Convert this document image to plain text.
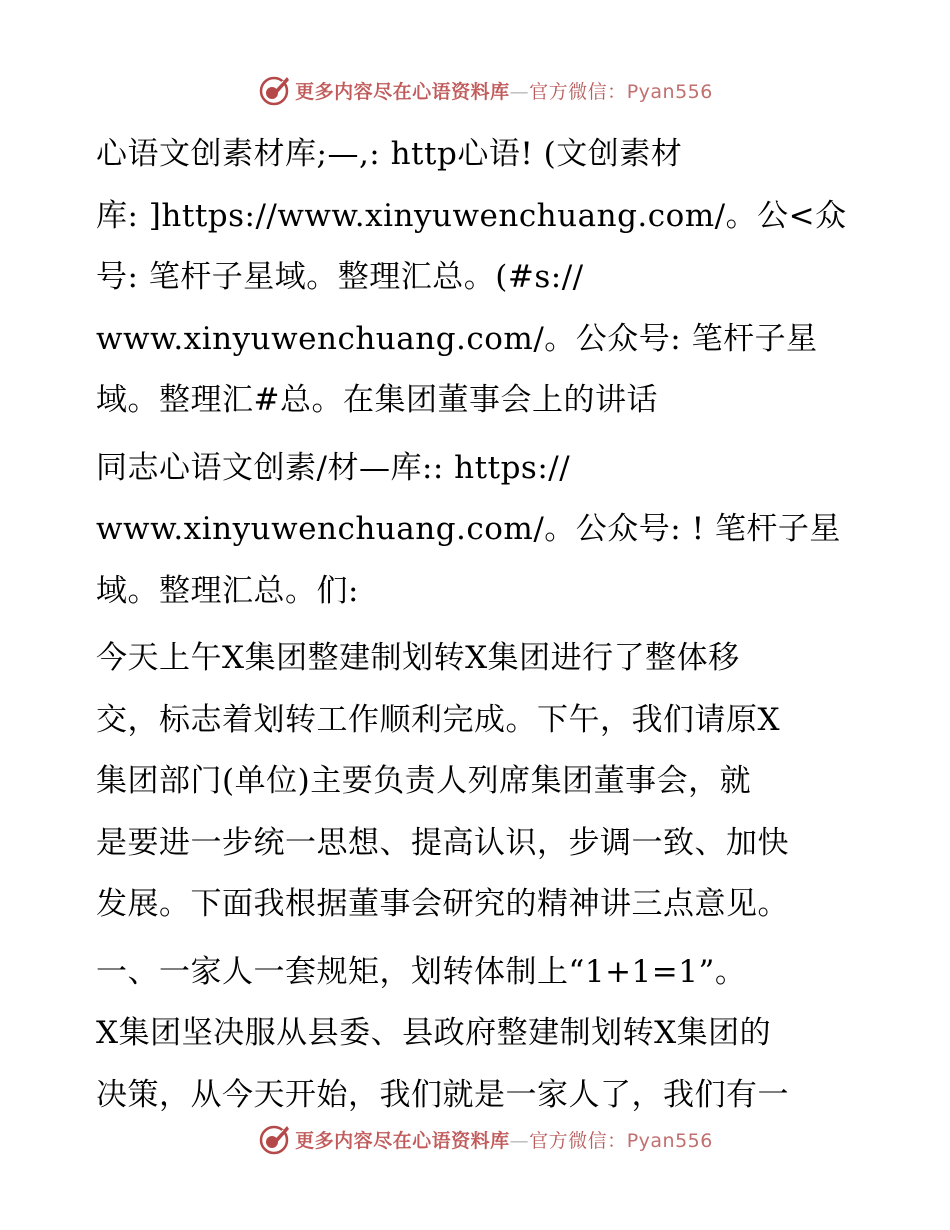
更多内容尽在心语资料库—官方微信：Pyan556
心语文创素材库;—,: http心语! (文创素材
库: ]https://www.xinyuwenchuang.com/。公<众
号: 笔杆子星域。整理汇总。(#s://
www.xinyuwenchuang.com/。公众号: 笔杆子星
域。整理汇#总。在集团董事会上的讲话
同志心语文创素/材—库:: https://
www.xinyuwenchuang.com/。公众号: ! 笔杆子星
域。整理汇总。们:
今天上午X集团整建制划转X集团进行了整体移
交，标志着划转工作顺利完成。下午，我们请原X
集团部门(单位)主要负责人列席集团董事会，就
是要进一步统一思想、提高认识，步调一致、加快
发展。下面我根据董事会研究的精神讲三点意见。
一、一家人一套规矩，划转体制上“1+1=1”。
X集团坚决服从县委、县政府整建制划转X集团的
决策，从今天开始，我们就是一家人了，我们有一
更多内容尽在心语资料库—官方微信：Pyan556
